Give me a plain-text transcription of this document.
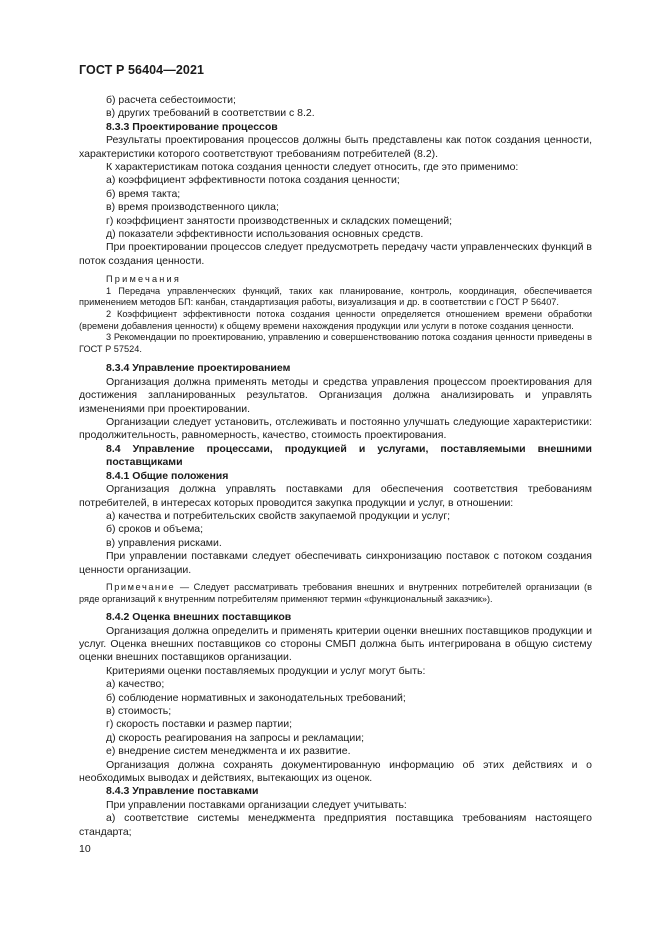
ГОСТ Р 56404—2021

б) расчета себестоимости;

в) других требований в соответствии с 8.2.

8.3.3 Проектирование процессов

Результаты проектирования процессов должны быть представлены как поток создания ценности, характеристики которого соответствуют требованиям потребителей (8.2).

К характеристикам потока создания ценности следует относить, где это применимо:

а) коэффициент эффективности потока создания ценности;

б) время такта;

в) время производственного цикла;

г) коэффициент занятости производственных и складских помещений;

д) показатели эффективности использования основных средств.

При проектировании процессов следует предусмотреть передачу части управленческих функций в поток создания ценности.

Примечания

1 Передача управленческих функций, таких как планирование, контроль, координация, обеспечивается применением методов БП: канбан, стандартизация работы, визуализация и др. в соответствии с ГОСТ Р 56407.

2 Коэффициент эффективности потока создания ценности определяется отношением времени обработки (времени добавления ценности) к общему времени нахождения продукции или услуги в потоке создания ценности.

3 Рекомендации по проектированию, управлению и совершенствованию потока создания ценности приведены в ГОСТ Р 57524.

8.3.4 Управление проектированием

Организация должна применять методы и средства управления процессом проектирования для достижения запланированных результатов. Организация должна анализировать и управлять изменениями при проектировании.

Организации следует установить, отслеживать и постоянно улучшать следующие характеристики: продолжительность, равномерность, качество, стоимость проектирования.

8.4 Управление процессами, продукцией и услугами, поставляемыми внешними поставщиками

8.4.1 Общие положения

Организация должна управлять поставками для обеспечения соответствия требованиям потребителей, в интересах которых проводится закупка продукции и услуг, в отношении:

а) качества и потребительских свойств закупаемой продукции и услуг;

б) сроков и объема;

в) управления рисками.

При управлении поставками следует обеспечивать синхронизацию поставок с потоком создания ценности организации.

Примечание — Следует рассматривать требования внешних и внутренних потребителей организации (в ряде организаций к внутренним потребителям применяют термин «функциональный заказчик»).

8.4.2 Оценка внешних поставщиков

Организация должна определить и применять критерии оценки внешних поставщиков продукции и услуг. Оценка внешних поставщиков со стороны СМБП должна быть интегрирована в общую систему оценки внешних поставщиков организации.

Критериями оценки поставляемых продукции и услуг могут быть:

а) качество;

б) соблюдение нормативных и законодательных требований;

в) стоимость;

г) скорость поставки и размер партии;

д) скорость реагирования на запросы и рекламации;

е) внедрение систем менеджмента и их развитие.

Организация должна сохранять документированную информацию об этих действиях и о необходимых выводах и действиях, вытекающих из оценок.

8.4.3 Управление поставками

При управлении поставками организации следует учитывать:

а) соответствие системы менеджмента предприятия поставщика требованиям настоящего стандарта;

10
